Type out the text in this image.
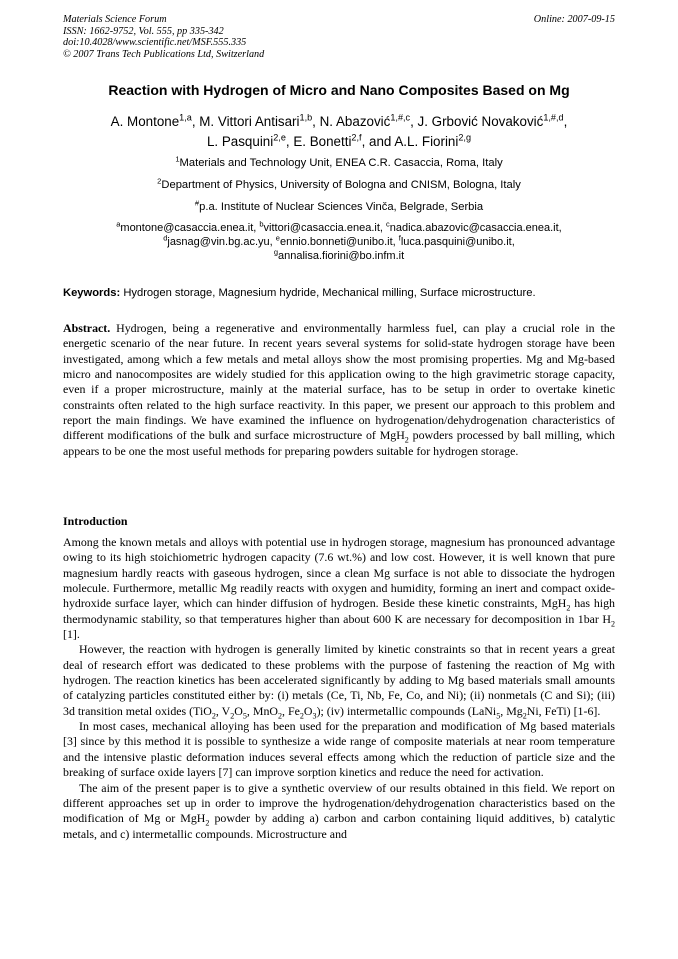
Materials Science Forum
ISSN: 1662-9752, Vol. 555, pp 335-342
doi:10.4028/www.scientific.net/MSF.555.335
© 2007 Trans Tech Publications Ltd, Switzerland
Online: 2007-09-15
Reaction with Hydrogen of Micro and Nano Composites Based on Mg
A. Montone$^{1,a}$, M. Vittori Antisari$^{1,b}$, N. Abazović$^{1,\#,c}$, J. Grbović Novaković$^{1,\#,d}$,
L. Pasquini$^{2,e}$, E. Bonetti$^{2,f}$, and A.L. Fiorini$^{2,g}$
$^1$Materials and Technology Unit, ENEA C.R. Casaccia, Roma, Italy
$^2$Department of Physics, University of Bologna and CNISM, Bologna, Italy
#p.a. Institute of Nuclear Sciences Vinča, Belgrade, Serbia
$^a$montone@casaccia.enea.it, $^b$vittori@casaccia.enea.it, $^c$nadica.abazovic@casaccia.enea.it,
$^d$jasnag@vin.bg.ac.yu, $^e$ennio.bonneti@unibo.it, $^f$luca.pasquini@unibo.it,
$^g$annalisa.fiorini@bo.infm.it
Keywords: Hydrogen storage, Magnesium hydride, Mechanical milling, Surface microstructure.
Abstract. Hydrogen, being a regenerative and environmentally harmless fuel, can play a crucial role in the energetic scenario of the near future. In recent years several systems for solid-state hydrogen storage have been investigated, among which a few metals and metal alloys show the most promising properties. Mg and Mg-based micro and nanocomposites are widely studied for this application owing to the high gravimetric storage capacity, even if a proper microstructure, mainly at the material surface, has to be setup in order to overtake kinetic constraints often related to the high surface reactivity. In this paper, we present our approach to this problem and report the main findings. We have examined the influence on hydrogenation/dehydrogenation characteristics of different modifications of the bulk and surface microstructure of MgH$_2$ powders processed by ball milling, which appears to be one the most useful methods for preparing powders suitable for hydrogen storage.
Introduction

Among the known metals and alloys with potential use in hydrogen storage, magnesium has pronounced advantage owing to its high stoichiometric hydrogen capacity (7.6 wt.%) and low cost. However, it is well known that pure magnesium hardly reacts with gaseous hydrogen, since a clean Mg surface is not able to dissociate the hydrogen molecule. Furthermore, metallic Mg readily reacts with oxygen and humidity, forming an inert and compact oxide-hydroxide surface layer, which can hinder diffusion of hydrogen. Beside these kinetic constraints, MgH$_2$ has high thermodynamic stability, so that temperatures higher than about 600 K are necessary for decomposition in 1bar $H_2$ [1].

However, the reaction with hydrogen is generally limited by kinetic constraints so that in recent years a great deal of research effort was dedicated to these problems with the purpose of fastening the reaction of Mg with hydrogen. The reaction kinetics has been accelerated significantly by adding to Mg based materials small amounts of catalyzing particles constituted either by: (i) metals (Ce, Ti, Nb, Fe, Co, and Ni); (ii) nonmetals (C and Si); (iii) 3d transition metal oxides (TiO$_2$, $V_2O_5$, MnO$_2$, $Fe_2O_3$); (iv) intermetallic compounds (LaNi$_5$, $Mg_2Ni$, FeTi) [1-6].

In most cases, mechanical alloying has been used for the preparation and modification of Mg based materials [3] since by this method it is possible to synthesize a wide range of composite materials at near room temperature and the intensive plastic deformation induces several effects among which the reduction of particle size and the breaking of surface oxide layers [7] can improve sorption kinetics and reduce the need for activation.

The aim of the present paper is to give a synthetic overview of our results obtained in this field. We report on different approaches set up in order to improve the hydrogenation/dehydrogenation characteristics based on the modification of Mg or MgH$_2$ powder by adding a) carbon and carbon containing liquid additives, b) catalytic metals, and c) intermetallic compounds. Microstructure and
